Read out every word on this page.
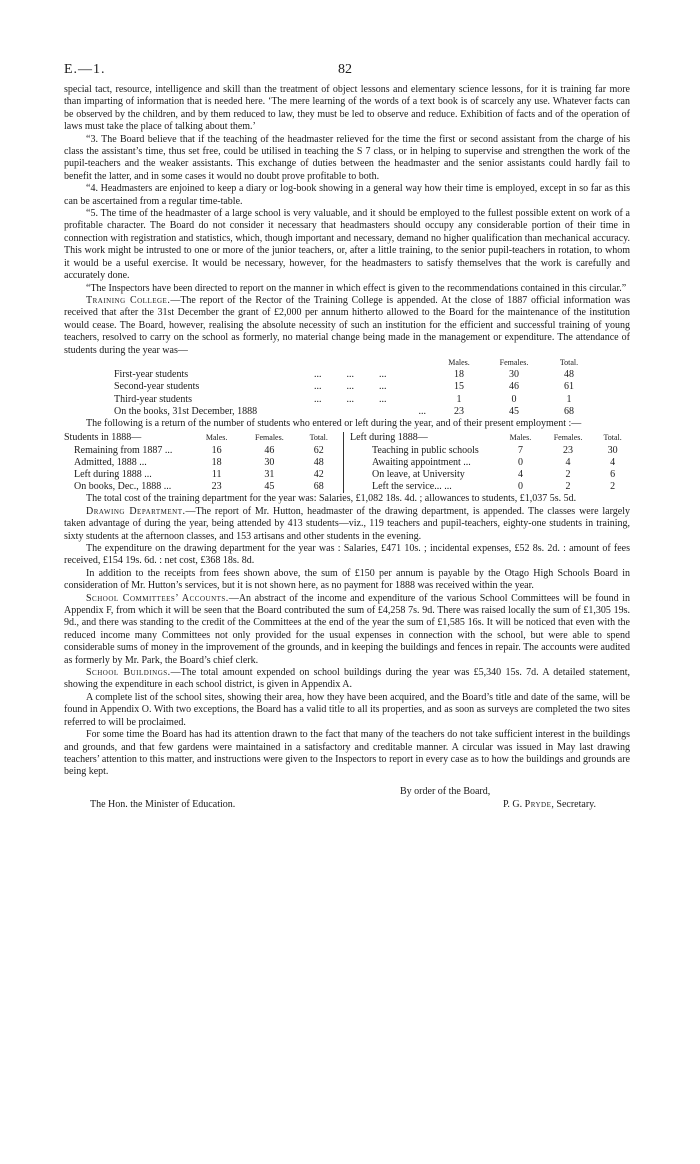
E.—1.	82

special tact, resource, intelligence and skill than the treatment of object lessons and elementary science lessons, for it is training far more than imparting of information that is needed here. ‘The mere learning of the words of a text book is of scarcely any use. Whatever facts can be observed by the children, and by them reduced to law, they must be led to observe and reduce. Exhibition of facts and of the operation of laws must take the place of talking about them.’

“3. The Board believe that if the teaching of the headmaster relieved for the time the first or second assistant from the charge of his class the assistant’s time, thus set free, could be utilised in teaching the S 7 class, or in helping to supervise and strengthen the work of the pupil-teachers and the weaker assistants. This exchange of duties between the headmaster and the senior assistants could hardly fail to benefit the latter, and in some cases it would no doubt prove profitable to both.

“4. Headmasters are enjoined to keep a diary or log-book showing in a general way how their time is employed, except in so far as this can be ascertained from a regular time-table.

“5. The time of the headmaster of a large school is very valuable, and it should be employed to the fullest possible extent on work of a profitable character. The Board do not consider it necessary that headmasters should occupy any considerable portion of their time in connection with registration and statistics, which, though important and necessary, demand no higher qualification than mechanical accuracy. This work might be intrusted to one or more of the junior teachers, or, after a little training, to the senior pupil-teachers in rotation, to whom it would be a useful exercise. It would be necessary, however, for the headmasters to satisfy themselves that the work is carefully and accurately done.

“The Inspectors have been directed to report on the manner in which effect is given to the recommendations contained in this circular.”

Training College.—The report of the Rector of the Training College is appended. At the close of 1887 official information was received that after the 31st December the grant of £2,000 per annum hitherto allowed to the Board for the maintenance of the institution would cease. The Board, however, realising the absolute necessity of such an institution for the efficient and successful training of young teachers, resolved to carry on the school as formerly, no material change being made in the management or expenditure. The attendance of students during the year was—

		Males.	Females.	Total.
First-year students	...          ...          ...	18	30	48
Second-year students	...          ...          ...	15	46	61
Third-year students	...          ...          ...	1	0	1
On the books, 31st December, 1888	...	23	45	68

The following is a return of the number of students who entered or left during the year, and of their present employment :—

Students in 1888—	Males.	Females.	Total.
Remaining from 1887 ...	16	46	62
Admitted, 1888 ...	18	30	48
Left during 1888 ...	11	31	42
On books, Dec., 1888 ...	23	45	68
Left during 1888—	Males.	Females.	Total.
Teaching in public schools	7	23	30
Awaiting appointment ...	0	4	4
On leave, at University	4	2	6
Left the service... ...	0	2	2

The total cost of the training department for the year was: Salaries, £1,082 18s. 4d. ; allowances to students, £1,037 5s. 5d.

Drawing Department.—The report of Mr. Hutton, headmaster of the drawing department, is appended. The classes were largely taken advantage of during the year, being attended by 413 students—viz., 119 teachers and pupil-teachers, eighty-one students in training, sixty students at the afternoon classes, and 153 artisans and other students in the evening.

The expenditure on the drawing department for the year was : Salaries, £471 10s. ; incidental expenses, £52 8s. 2d. : amount of fees received, £154 19s. 6d. : net cost, £368 18s. 8d.

In addition to the receipts from fees shown above, the sum of £150 per annum is payable by the Otago High Schools Board in consideration of Mr. Hutton’s services, but it is not shown here, as no payment for 1888 was received within the year.

School Committees’ Accounts.—An abstract of the income and expenditure of the various School Committees will be found in Appendix F, from which it will be seen that the Board contributed the sum of £4,258 7s. 9d. There was raised locally the sum of £1,305 19s. 9d., and there was standing to the credit of the Committees at the end of the year the sum of £1,585 16s. It will be noticed that even with the reduced income many Committees not only provided for the usual expenses in connection with the school, but were able to spend considerable sums of money in the improvement of the grounds, and in keeping the buildings and fences in repair. The accounts were audited as formerly by Mr. Park, the Board’s chief clerk.

School Buildings.—The total amount expended on school buildings during the year was £5,340 15s. 7d. A detailed statement, showing the expenditure in each school district, is given in Appendix A.

A complete list of the school sites, showing their area, how they have been acquired, and the Board’s title and date of the same, will be found in Appendix O. With two exceptions, the Board has a valid title to all its properties, and as soon as surveys are completed the two sites referred to will be proclaimed.

For some time the Board has had its attention drawn to the fact that many of the teachers do not take sufficient interest in the buildings and grounds, and that few gardens were maintained in a satisfactory and creditable manner. A circular was issued in May last drawing teachers’ attention to this matter, and instructions were given to the Inspectors to report in every case as to how the buildings and grounds are being kept.

By order of the Board,
The Hon. the Minister of Education.	P. G. Pryde, Secretary.
